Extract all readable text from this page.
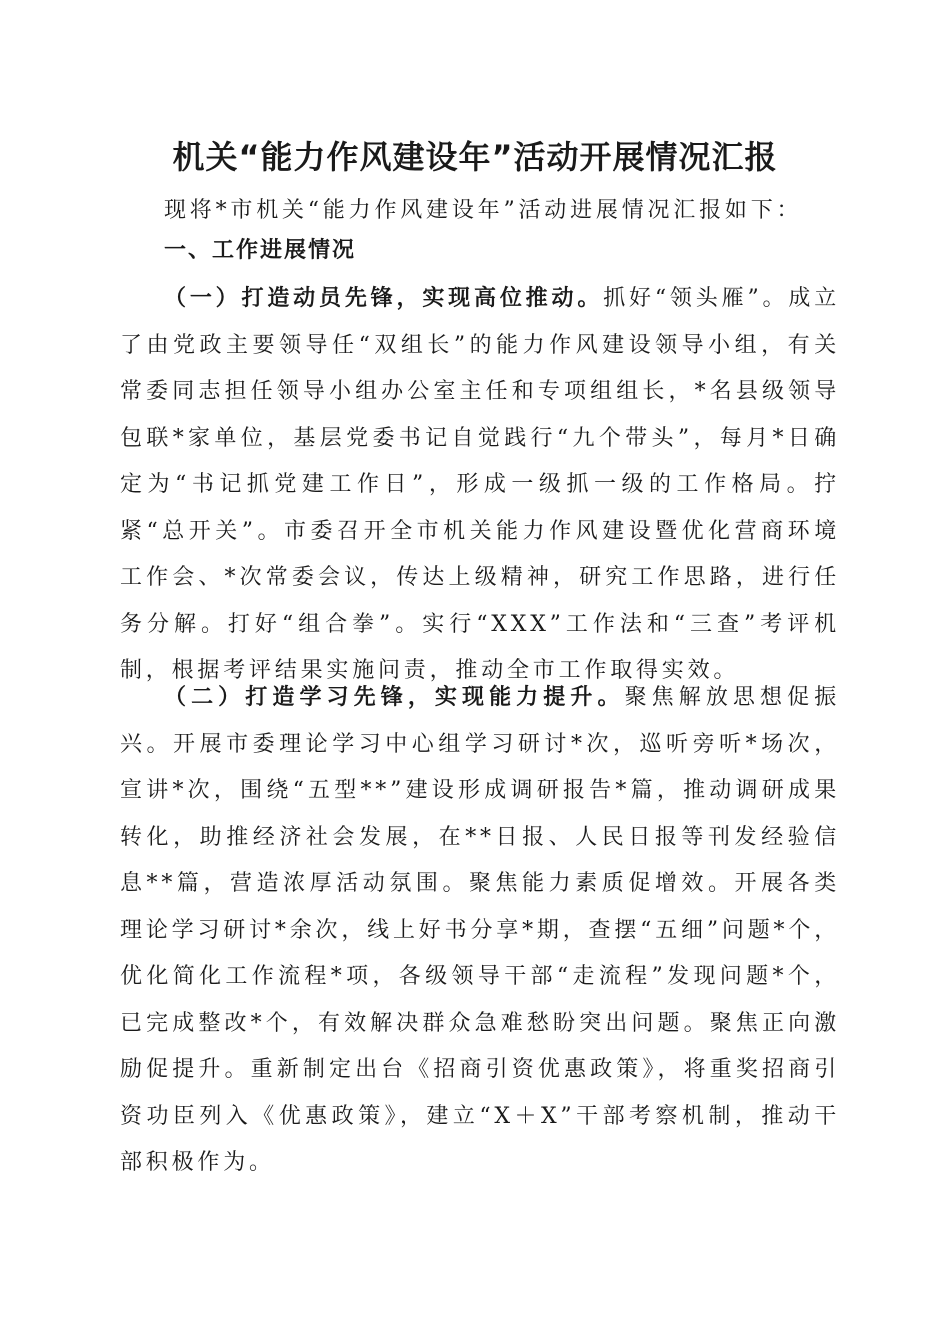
机关“能力作风建设年”活动开展情况汇报

现将*市机关“能力作风建设年”活动进展情况汇报如下：

一、工作进展情况

（一）打造动员先锋，实现高位推动。抓好“领头雁”。成立了由党政主要领导任“双组长”的能力作风建设领导小组，有关常委同志担任领导小组办公室主任和专项组组长，*名县级领导包联*家单位，基层党委书记自觉践行“九个带头”，每月*日确定为“书记抓党建工作日”，形成一级抓一级的工作格局。拧紧“总开关”。市委召开全市机关能力作风建设暨优化营商环境工作会、*次常委会议，传达上级精神，研究工作思路，进行任务分解。打好“组合拳”。实行“XXX”工作法和“三查”考评机制，根据考评结果实施问责，推动全市工作取得实效。

（二）打造学习先锋，实现能力提升。聚焦解放思想促振兴。开展市委理论学习中心组学习研讨*次，巡听旁听*场次，宣讲*次，围绕“五型**”建设形成调研报告*篇，推动调研成果转化，助推经济社会发展，在**日报、人民日报等刊发经验信息**篇，营造浓厚活动氛围。聚焦能力素质促增效。开展各类理论学习研讨*余次，线上好书分享*期，查摆“五细”问题*个，优化简化工作流程*项，各级领导干部“走流程”发现问题*个，已完成整改*个，有效解决群众急难愁盼突出问题。聚焦正向激励促提升。重新制定出台《招商引资优惠政策》，将重奖招商引资功臣列入《优惠政策》，建立“X＋X”干部考察机制，推动干部积极作为。
